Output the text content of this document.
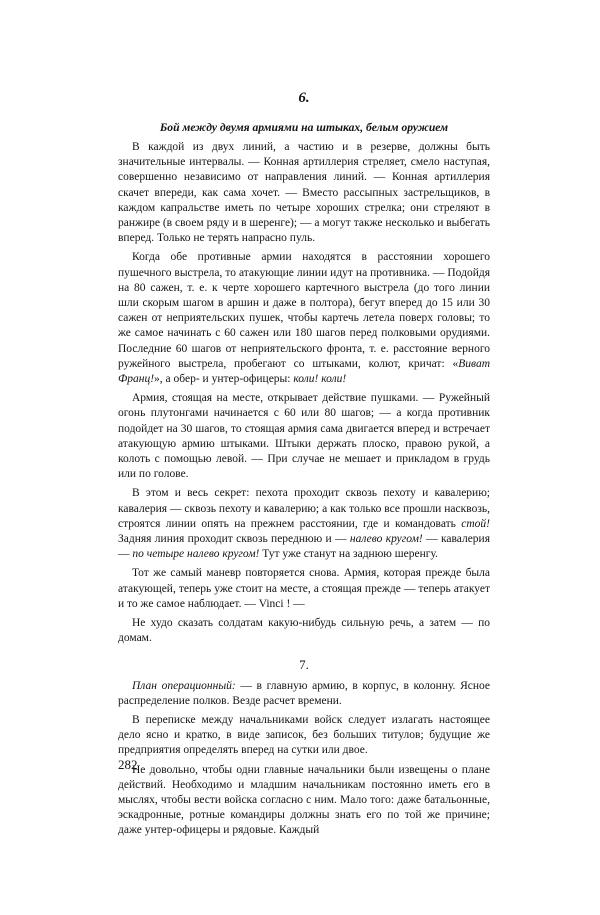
6.
Бой между двумя армиями на штыках, белым оружием

В каждой из двух линий, а частию и в резерве, должны быть значительные интервалы. — Конная артиллерия стреляет, смело наступая, совершенно независимо от направления линий. — Конная артиллерия скачет впереди, как сама хочет. — Вместо рассыпных застрельщиков, в каждом капральстве иметь по четыре хороших стрелка; они стреляют в ранжире (в своем ряду и в шеренге); — а могут также несколько и выбегать вперед. Только не терять напрасно пуль.

Когда обе противные армии находятся в расстоянии хорошего пушечного выстрела, то атакующие линии идут на противника. — Подойдя на 80 сажен, т. е. к черте хорошего картечного выстрела (до того линии шли скорым шагом в аршин и даже в полтора), бегут вперед до 15 или 30 сажен от неприятельских пушек, чтобы картечь летела поверх головы; то же самое начинать с 60 сажен или 180 шагов перед полковыми орудиями. Последние 60 шагов от неприятельского фронта, т. е. расстояние верного ружейного выстрела, пробегают со штыками, колют, кричат: «Виват Франц!», а обер- и унтер-офицеры: коли! коли!

Армия, стоящая на месте, открывает действие пушками. — Ружейный огонь плутонгами начинается с 60 или 80 шагов; — а когда противник подойдет на 30 шагов, то стоящая армия сама двигается вперед и встречает атакующую армию штыками. Штыки держать плоско, правою рукой, а колоть с помощью левой. — При случае не мешает и прикладом в грудь или по голове.

В этом и весь секрет: пехота проходит сквозь пехоту и кавалерию; кавалерия — сквозь пехоту и кавалерию; а как только все прошли насквозь, строятся линии опять на прежнем расстоянии, где и командовать стой! Задняя линия проходит сквозь переднюю и — налево кругом! — кавалерия — по четыре налево кругом! Тут уже станут на заднюю шеренгу.

Тот же самый маневр повторяется снова. Армия, которая прежде была атакующей, теперь уже стоит на месте, а стоящая прежде — теперь атакует и то же самое наблюдает. — Vinci ! —

Не худо сказать солдатам какую-нибудь сильную речь, а затем — по домам.

7.

План операционный: — в главную армию, в корпус, в колонну. Ясное распределение полков. Везде расчет времени.

В переписке между начальниками войск следует излагать настоящее дело ясно и кратко, в виде записок, без больших титулов; будущие же предприятия определять вперед на сутки или двое.

Не довольно, чтобы одни главные начальники были извещены о плане действий. Необходимо и младшим начальникам постоянно иметь его в мыслях, чтобы вести войска согласно с ним. Мало того: даже батальонные, эскадронные, ротные командиры должны знать его по той же причине; даже унтер-офицеры и рядовые. Каждый

282
